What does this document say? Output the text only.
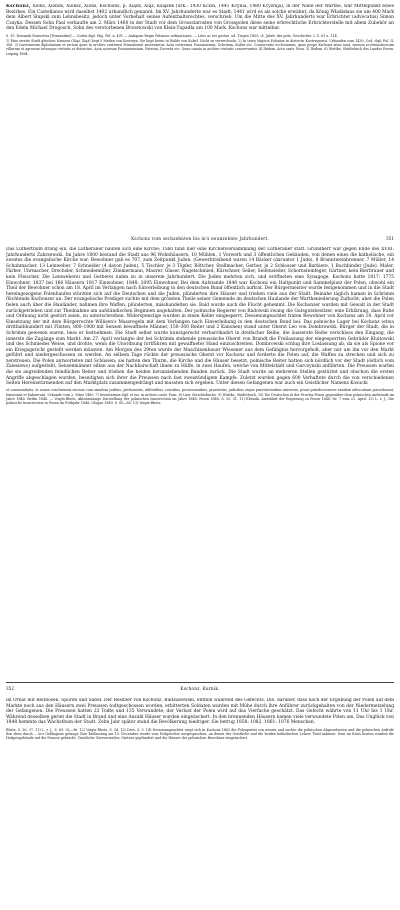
Kschonz, Xions, Xionds, Xionsz, Xions, Kschions, p. Xiądz, Xiąż, Ksiązek (urk.: 1430 Kczin, 1441 Kcynia, 1480 Kcyznija), in der Nähe der Warthe, war Mittelpunkt eines Bezirkes. Ein Castellanus wird daselbst 1402 urkundlich genannt. Im XV. Jahrhunderte war es Stadt; 1441 wird es als solche erwähnt, da König Władisłaus sie um 400 Mark dem Albert Słupski zum Lehnsbesitz, jedoch unter Vorbehalt seines Aufenthaltsrechtes, verschrieb. Um die Mitte des XV. Jahrhunderts war Erbrichter (advocatus) Simon Czayka. Dessen Sohn Paul verkaufte am 2. März 1480 in der Stadt vor dem Grossstarosten von Grosspolen diese seine erbrechtliche Erbrichterstelle mit allem Zubehör an den Edeln Michael Drogosch, Sohn des verstorbenen Brzostowski von Klein-Tupadła um 100 Mark. Kschonz war mittelbar.

S. 10. Dziennik Starostwa [Posnanskie] — Codex dipl. Maj. Pol. n. 491 — Antiquae Regni Poloniae ordinationes. — Lites ac res gestae, ed. Tiegen 1855; cf. Jahrb. der poln. Geschichte. I. S. 61 u. 114.

1) Eine zweite Stadt gleichen Namens (Xiąż, Xiąż) liegt 5 Meilen von Kostrzyn. Sie liegt heute in Walde von Kobel. Nicht zu verwechseln. 2) In terra Majoris Poloniae in districtu Kostrzynensi. Urkunden vom 1430, Cod. dipl. Pol. II, 306. 3) Inventarium diplomatum et iurium quae in archivo castrensi Posnaniensi asservantur, Acta castrensia Posnaniensia, Schrimm, Kalisz etc. Conservatio ecclesiarum, quae prope Kschonz sitae sunt, necnon ecclesiasticorum villarum et agrorum totiusque civitatis et districtus. Acta actorum Posnaniensium, Patenta, Decreta etc. Quae omnia in archivo civitatis conservantur. 4) Ibidem, Acta castr. Posn. 5) Ibidem. 6) Wuttke, Städtebuch des Landes Posen. Leipzig 1864.

Kschonz vom sechzehnten bis in's neunzehnte Jahrhundert.	351

Das Lutherthum drang ein, die Lutheraner bauten sich eine Kirche; 1560 fand hier eine Kirchenversammlung der Lutheraner statt. Grundherr war gegen Ende des XVIII. Jahrhunderts Zakrzewski. Im Jahre 1800 bestand die Stadt aus 96 Wohnhäusern, 10 Mühlen, 1 Vorwerk und 3 öffentlichen Gebäuden, von denen eines die katholische, ein zweites die evangelische Kirche war. Bewohner gab es 707, zum Zeitpunkt Juden. (Gewerbtreibend waren 14 Bäcker (darunter 1 Jude), 8 Branntweinbrenner, 7 Müller, 14 Schuhmacher, 13 Leinweber, 7 Schneider (4 davon Juden), 5 Tischler, je 3 Töpfer, Böttcher, Stellmacher, Gerber, je 2 Schlosser und Barbiere, 1 Buchbinder (Jude), Maler, Färber, Uhrmacher, Drechsler, Schneidemüller, Zimmermann, Maurer, Glaser, Nagelschmied, Kürschner, Seiler, Seifensieder, Schornsteinfeger, Gärtner, kein Bierbrauer und kein Fleischer. Die Leinweberei und Gerberei nahm zu in unserem Jahrhundert. Die Juden mehrten sich, und eröffneten eine Synagoge. Kschonz hatte 1817: 1775 Einwohner. 1837 bei 166 Häusern 1917 Einwohner. 1848: 2095 Einwohner. Bei dem Aufstande 1848 war Kschonz ein Haltpunkt und Sammelplatz der Polen, obwohl ein Theil der Bewohner schon am 18. April im Verlangen nach Einverleibung in den deutschen Bund öffentlich auftrat. Der Bürgermeister wurde festgenommen und in die Stadt hereingezogene Polenhaufen stürzten sich auf die Deutschen und die Juden, plünderten ihre Häuser und trieben viele aus der Stadt. Beinahe täglich kamen in Schrimm flüchtende Kschonzer an. Der evangelische Prediger suchte mit dem grössten Theile seiner Gemeinde im deutschen Haulande der Wartheniederung Zuflucht; aber die Polen fielen auch über die Hauländer, nahmen ihre Waffen, plünderten, misshandelten sie. Bald wurde auch die Flucht gehemmt. Die Kschonzer wurden mit Gewalt in der Stadt zurückgetrieben und zur Theilnahme am aufständischen Beginnen angehalten. Der polnische Regierer von Radowski zwang die Gutsgutsbesitzer, eine Erklärung, dass Ruhe und Ordnung nicht gestört seien, zu unterschreiben. Widerspenstige wurden in einen Keller eingesperrt. Dessenungeachtet traten Bewohner von Kschonz am 18. April vor Einsetzung der mit dem Bürgerrechte Willisen's Massregeln mit dem Verlangen nach Einverleibung in den deutschen Bund bei. Das polnische Lager bei Kschonz (etwa dritthalbhundert mit Flinten, 800–1000 mit Sensen bewaffnete Männer, 150–300 Reiter und 2 Kanonen) stand unter Oberst Leo von Dombrowski. Bürger der Stadt, die in Schrimm gewesen waren, liess er festnehmen. Die Stadt selbst wurde kunstgerecht verbarrikadirt in dreifacher Reihe, die äusserste Reihe verschloss den Eingang, die innerste die Zugänge zum Markt. Am 27. April verlangte der bei Schrimm stehende preussische Oberst von Brandt die Freilassung der eingesperrten Gebrüder Kluitowski und des Schmiedes Weise, und drohte, wenn die Unordnung fortführen mit gewaffneter Hand einzuschreiten. Dombrowski schlug ihre Loslassung ab, da sie als Spione vor ein Kriegsgericht gestellt werden müssten. Am Morgen des 29ten wurde der Maschinenbauer Wiesener aus dem Gefängnis hervorgeholt, aber nur um ihn vor den Markt geführt und niedergeschossen zu werden. An selbem Tage rückte der preussische Oberst vor Kschonz und forderte die Polen auf, die Waffen zu strecken und sich zu zerstreuen. Die Polen antworteten mit Schüssen; sie hatten den Thurm, die Kirche und die Häuser besetzt, polnische Reiter hatten sich nördlich vor der Stadt (östlich vom Zalesiewo) aufgestellt, Sensenmänner eilten aus der Nachbarschaft ihnen zu Hülfe, in zwei Haufen, welche von Mittelstädt und Garczynski anführten. Die Preussen warfen die sie angreifenden feindlichen Reiter und trieben die beiden heranziehenden Banden zurück. Die Stadt wurde an mehreren Stellen gestürmt und obschon die ersten Angriffe abgeschlagen wurden, beseitigten sich ihrer die Preussen nach fast zweistündigem Kampfe. Zuletzt wurden gegen 600 Verhaftete durch die von verschiedenen Seiten Hereinstürmenden auf den Marktplatz zusammengedrängt und mussten sich ergeben. Unter diesen Gefangenen war auch ein Geistlicher Namens Kosucki

et communitatis, et sunae conclusionis necnon cum omnibus juribus, pertinentiis, utilitatibus, censibus, possessionibus, praesentis, judicibus atque praestationibus universis, prout praedecessores eandem advocatiam possederant, tenuerant et habuerunt. Urkunde vom 2. März 1480. 7) Inventarium dipl. et iur. in archivo castr. Posn. 8) Laut Gerichtsbuche. 9) Wuttke, Städtebuch. 10) Die Deutschen in der Provinz Posen gegenüber dem polnischen Aufstande im Jahre 1848. Berlin 1848. — Voigts-Rhetz, Aktenmässige Darstellung der polnischen Insurrection im Jahre 1848. Posen 1848. S. 30. 31. 11) Ebenda. Amtsblatt der Regierung zu Posen 1848. Nr. 7 vom 22. April. 12) L. v. J., Die polnische Insurrection in Posen im Frühjahr 1848. Glogau 1849. S. 85—88. 13) Voigts-Rhetz.

352	Kschonz. Kurnik.

im Ornat mit Reithosen, Sporen und Säbel. Der Besitzer von Kschonz, Budziszewski, entfloh während des Gefechts. Die, darüber, dass nach der Ergebung der Polen auf dem Markte noch aus den Häusern zwei Preussen todtgeschossen worden, erbitterten Soldaten wurden mit Mühe durch ihre Anführer zurückgehalten von der Niedermetzelung der Gefangenen. Die Preussen hatten 23 Todte und 135 Verwundete; der Verlust der Polen wird auf das Vierfache geschätzt. Das Gefecht währte von 11 Uhr bis 1 Uhr. Während desselben geriet die Stadt in Brand und eine Anzahl Häuser wurden eingeäschert. In den brennenden Häusern kamen viele verwundete Polen um. Das Unglück von 1848 hemmte das Wachsthum der Stadt. Zehn Jahr später stand die Bevölkerung niedriger. Sie betrug 1858: 1082, 1861: 1076 Menschen.

Rhetz, S. 36, 37. 11) L. v. J., S. 89, 92—96. 12) Voigts-Rhetz, S. 34. 13) Ders. S. 3. 14) Dessenungeachtet zeigt sich in Kschonz 1862 die Polenpartei von neuem und suchte die polnischen Abgeordneten und die polnischen Aufrufe den eben durch ... in's Gefängniss gelangt. Ihre Entlassung am 15. December wurde vom Hofgerichte ausgesprochen, an denen der Geistliche und die beiden katholischen Lehrer Theil nahmen. Dem im Kreis Kosten wurden die Hofgutsgebäude auf die Strasse gebracht, Geistliche Gutsverwalter, Gärtner geplündert und die Häuser der polnischen Bewohner eingeäschert.
